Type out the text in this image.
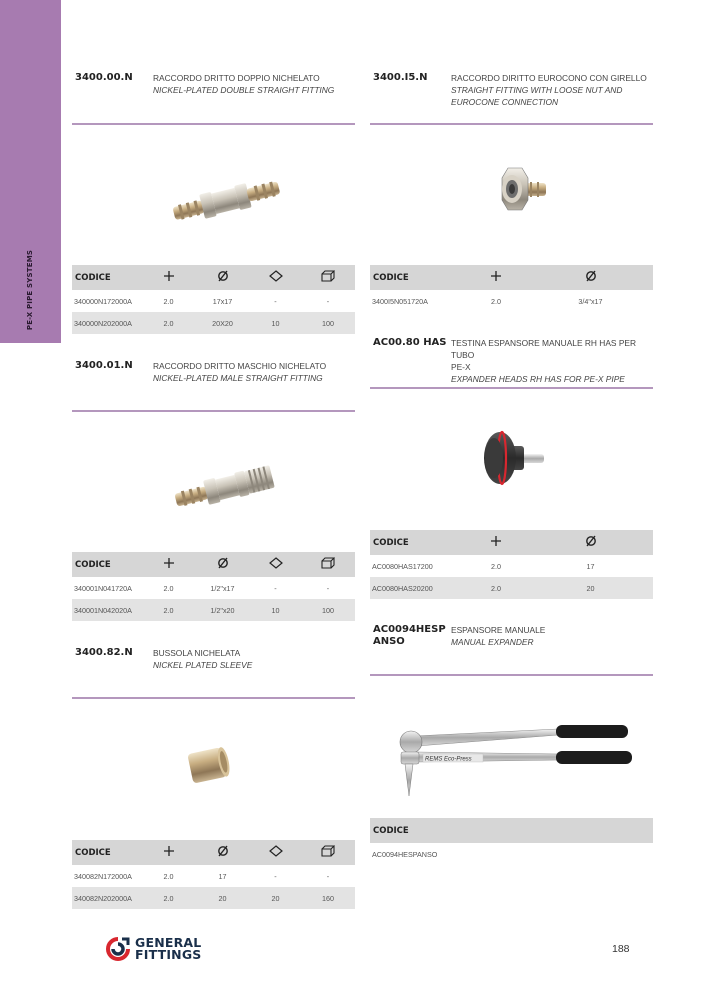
PE-X PIPE SYSTEMS
3400.00.N	RACCORDO DRITTO DOPPIO NICHELATO
NICKEL-PLATED DOUBLE STRAIGHT FITTING
CODICE				
340000N172000A	2.0	17x17	-	-
340000N202000A	2.0	20X20	10	100
3400.01.N	RACCORDO DRITTO MASCHIO NICHELATO
NICKEL-PLATED MALE STRAIGHT FITTING
CODICE				
340001N041720A	2.0	1/2"x17	-	-
340001N042020A	2.0	1/2"x20	10	100
3400.82.N	BUSSOLA NICHELATA
NICKEL PLATED SLEEVE
CODICE				
340082N172000A	2.0	17	-	-
340082N202000A	2.0	20	20	160
3400.I5.N	RACCORDO DIRITTO EUROCONO CON GIRELLO
STRAIGHT FITTING WITH LOOSE NUT AND
EUROCONE CONNECTION
CODICE		
3400I5N051720A	2.0	3/4"x17
AC00.80 HAS TESTINA ESPANSORE MANUALE RH HAS PER TUBO
PE-X
EXPANDER HEADS RH HAS FOR PE-X PIPE
CODICE		
AC0080HAS17200	2.0	17
AC0080HAS20200	2.0	20
AC0094HESP
ANSO
ESPANSORE MANUALE
MANUAL EXPANDER
REMS Eco-Press
CODICE
AC0094HESPANSO
GENERAL
FITTINGS	188
